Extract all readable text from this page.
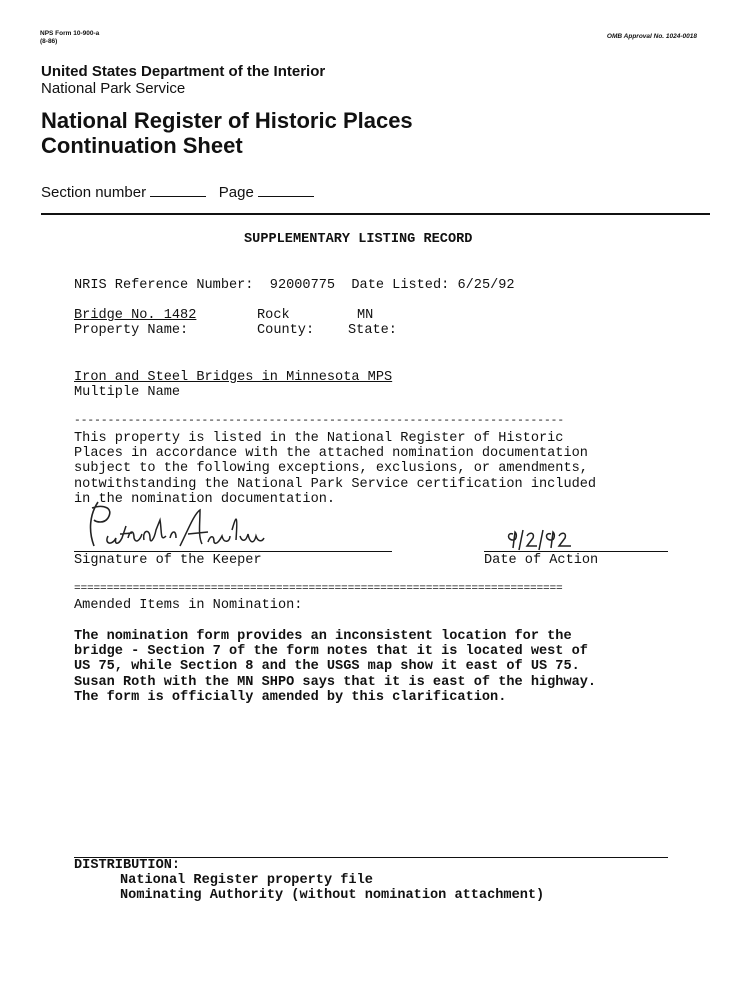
NPS Form 10-900-a
(8-86)
OMB Approval No. 1024-0018
United States Department of the Interior
National Park Service
National Register of Historic Places
Continuation Sheet
Section number	Page
SUPPLEMENTARY LISTING RECORD
NRIS Reference Number: 92000775 Date Listed: 6/25/92
Bridge No. 1482	Rock	MN
Property Name:	County: State:
Iron and Steel Bridges in Minnesota MPS
Multiple Name
-------------------------------------------------------------------------
This property is listed in the National Register of Historic
Places in accordance with the attached nomination documentation
subject to the following exceptions, exclusions, or amendments,
notwithstanding the National Park Service certification included
in the nomination documentation.
Signature of the Keeper	Date of Action
===========================================================================
Amended Items in Nomination:
The nomination form provides an inconsistent location for the
bridge - Section 7 of the form notes that it is located west of
US 75, while Section 8 and the USGS map show it east of US 75.
Susan Roth with the MN SHPO says that it is east of the highway.
The form is officially amended by this clarification.
DISTRIBUTION:
National Register property file
Nominating Authority (without nomination attachment)
